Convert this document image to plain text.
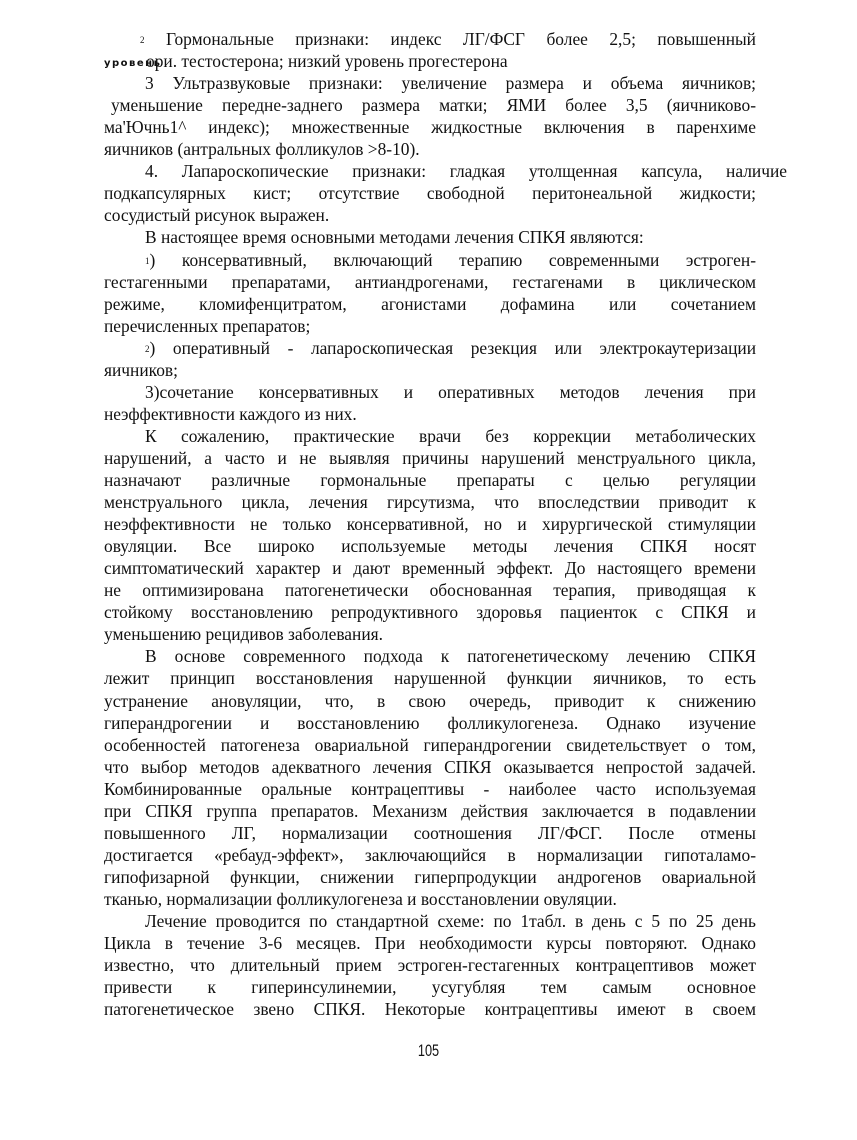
уровень
2 Гормональные признаки: индекс ЛГ/ФСГ более 2,5; повышенный
ори. тестостерона; низкий уровень прогестерона
3 Ультразвуковые признаки: увеличение размера и объема яичников;
уменьшение передне-заднего размера матки; ЯМИ более 3,5 (яичниково-
ма'Ючнь1^ индекс); множественные жидкостные включения в паренхиме
яичников (антральных фолликулов >8-10).
4. Лапароскопические признаки: гладкая утолщенная капсула, наличие
подкапсулярных кист; отсутствие свободной перитонеальной жидкости;
сосудистый рисунок выражен.
В настоящее время основными методами лечения СПКЯ являются:
1) консервативный, включающий терапию современными эстроген-
гестагенными препаратами, антиандрогенами, гестагенами в циклическом
режиме, кломифенцитратом, агонистами дофамина или сочетанием
перечисленных препаратов;
2) оперативный - лапароскопическая резекция или электрокаутеризации
яичников;
3)сочетание консервативных и оперативных методов лечения при
неэффективности каждого из них.
К сожалению, практические врачи без коррекции метаболических
нарушений, а часто и не выявляя причины нарушений менструального цикла,
назначают различные гормональные препараты с целью регуляции
менструального цикла, лечения гирсутизма, что впоследствии приводит к
неэффективности не только консервативной, но и хирургической стимуляции
овуляции. Все широко используемые методы лечения СПКЯ носят
симптоматический характер и дают временный эффект. До настоящего времени
не оптимизирована патогенетически обоснованная терапия, приводящая к
стойкому восстановлению репродуктивного здоровья пациенток с СПКЯ и
уменьшению рецидивов заболевания.
В основе современного подхода к патогенетическому лечению СПКЯ
лежит принцип восстановления нарушенной функции яичников, то есть
устранение ановуляции, что, в свою очередь, приводит к снижению
гиперандрогении и восстановлению фолликулогенеза. Однако изучение
особенностей патогенеза овариальной гиперандрогении свидетельствует о том,
что выбор методов адекватного лечения СПКЯ оказывается непростой задачей.
Комбинированные оральные контрацептивы - наиболее часто используемая
при СПКЯ группа препаратов. Механизм действия заключается в подавлении
повышенного ЛГ, нормализации соотношения ЛГ/ФСГ. После отмены
достигается «ребауд-эффект», заключающийся в нормализации гипоталамо-
гипофизарной функции, снижении гиперпродукции андрогенов овариальной
тканью, нормализации фолликулогенеза и восстановлении овуляции.
Лечение проводится по стандартной схеме: по 1табл. в день с 5 по 25 день
Цикла в течение 3-6 месяцев. При необходимости курсы повторяют. Однако
известно, что длительный прием эстроген-гестагенных контрацептивов может
привести к гиперинсулинемии, усугубляя тем самым основное
патогенетическое звено СПКЯ. Некоторые контрацептивы имеют в своем
105
